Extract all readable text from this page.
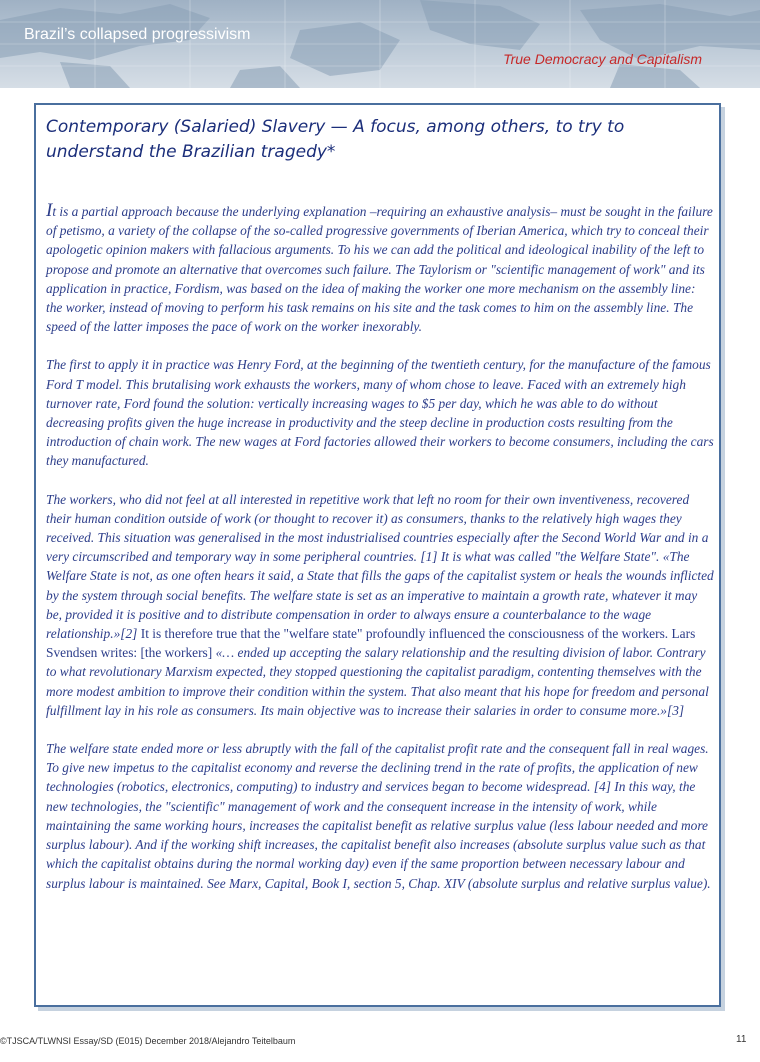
Brazil’s collapsed progressivism
True Democracy and Capitalism
Contemporary (Salaried) Slavery — A focus, among others, to try to understand the Brazilian tragedy*

It is a partial approach because the underlying explanation –requiring an exhaustive analysis– must be sought in the failure of petismo, a variety of the collapse of the so-called progressive governments of Iberian America, which try to conceal their apologetic opinion makers with fallacious arguments. To his we can add the political and ideological inability of the left to propose and promote an alternative that overcomes such failure. The Taylorism or "scientific management of work" and its application in practice, Fordism, was based on the idea of making the worker one more mechanism on the assembly line: the worker, instead of moving to perform his task remains on his site and the task comes to him on the assembly line. The speed of the latter imposes the pace of work on the worker inexorably.

The first to apply it in practice was Henry Ford, at the beginning of the twentieth century, for the manufacture of the famous Ford T model. This brutalising work exhausts the workers, many of whom chose to leave. Faced with an extremely high turnover rate, Ford found the solution: vertically increasing wages to $5 per day, which he was able to do without decreasing profits given the huge increase in productivity and the steep decline in production costs resulting from the introduction of chain work. The new wages at Ford factories allowed their workers to become consumers, including the cars they manufactured.

The workers, who did not feel at all interested in repetitive work that left no room for their own inventiveness, recovered their human condition outside of work (or thought to recover it) as consumers, thanks to the relatively high wages they received. This situation was generalised in the most industrialised countries especially after the Second World War and in a very circumscribed and temporary way in some peripheral countries. [1] It is what was called "the Welfare State". «The Welfare State is not, as one often hears it said, a State that fills the gaps of the capitalist system or heals the wounds inflicted by the system through social benefits. The welfare state is set as an imperative to maintain a growth rate, whatever it may be, provided it is positive and to distribute compensation in order to always ensure a counterbalance to the wage relationship.»[2] It is therefore true that the "welfare state" profoundly influenced the consciousness of the workers. Lars Svendsen writes: [the workers] «… ended up accepting the salary relationship and the resulting division of labor. Contrary to what revolutionary Marxism expected, they stopped questioning the capitalist paradigm, contenting themselves with the more modest ambition to improve their condition within the system. That also meant that his hope for freedom and personal fulfillment lay in his role as consumers. Its main objective was to increase their salaries in order to consume more.»[3]

The welfare state ended more or less abruptly with the fall of the capitalist profit rate and the consequent fall in real wages. To give new impetus to the capitalist economy and reverse the declining trend in the rate of profits, the application of new technologies (robotics, electronics, computing) to industry and services began to become widespread. [4] In this way, the new technologies, the "scientific" management of work and the consequent increase in the intensity of work, while maintaining the same working hours, increases the capitalist benefit as relative surplus value (less labour needed and more surplus labour). And if the working shift increases, the capitalist benefit also increases (absolute surplus value such as that which the capitalist obtains during the normal working day) even if the same proportion between necessary labour and surplus labour is maintained. See Marx, Capital, Book I, section 5, Chap. XIV (absolute surplus and relative surplus value).

©TJSCA/TLWNSI Essay/SD (E015) December 2018/Alejandro Teitelbaum	11
